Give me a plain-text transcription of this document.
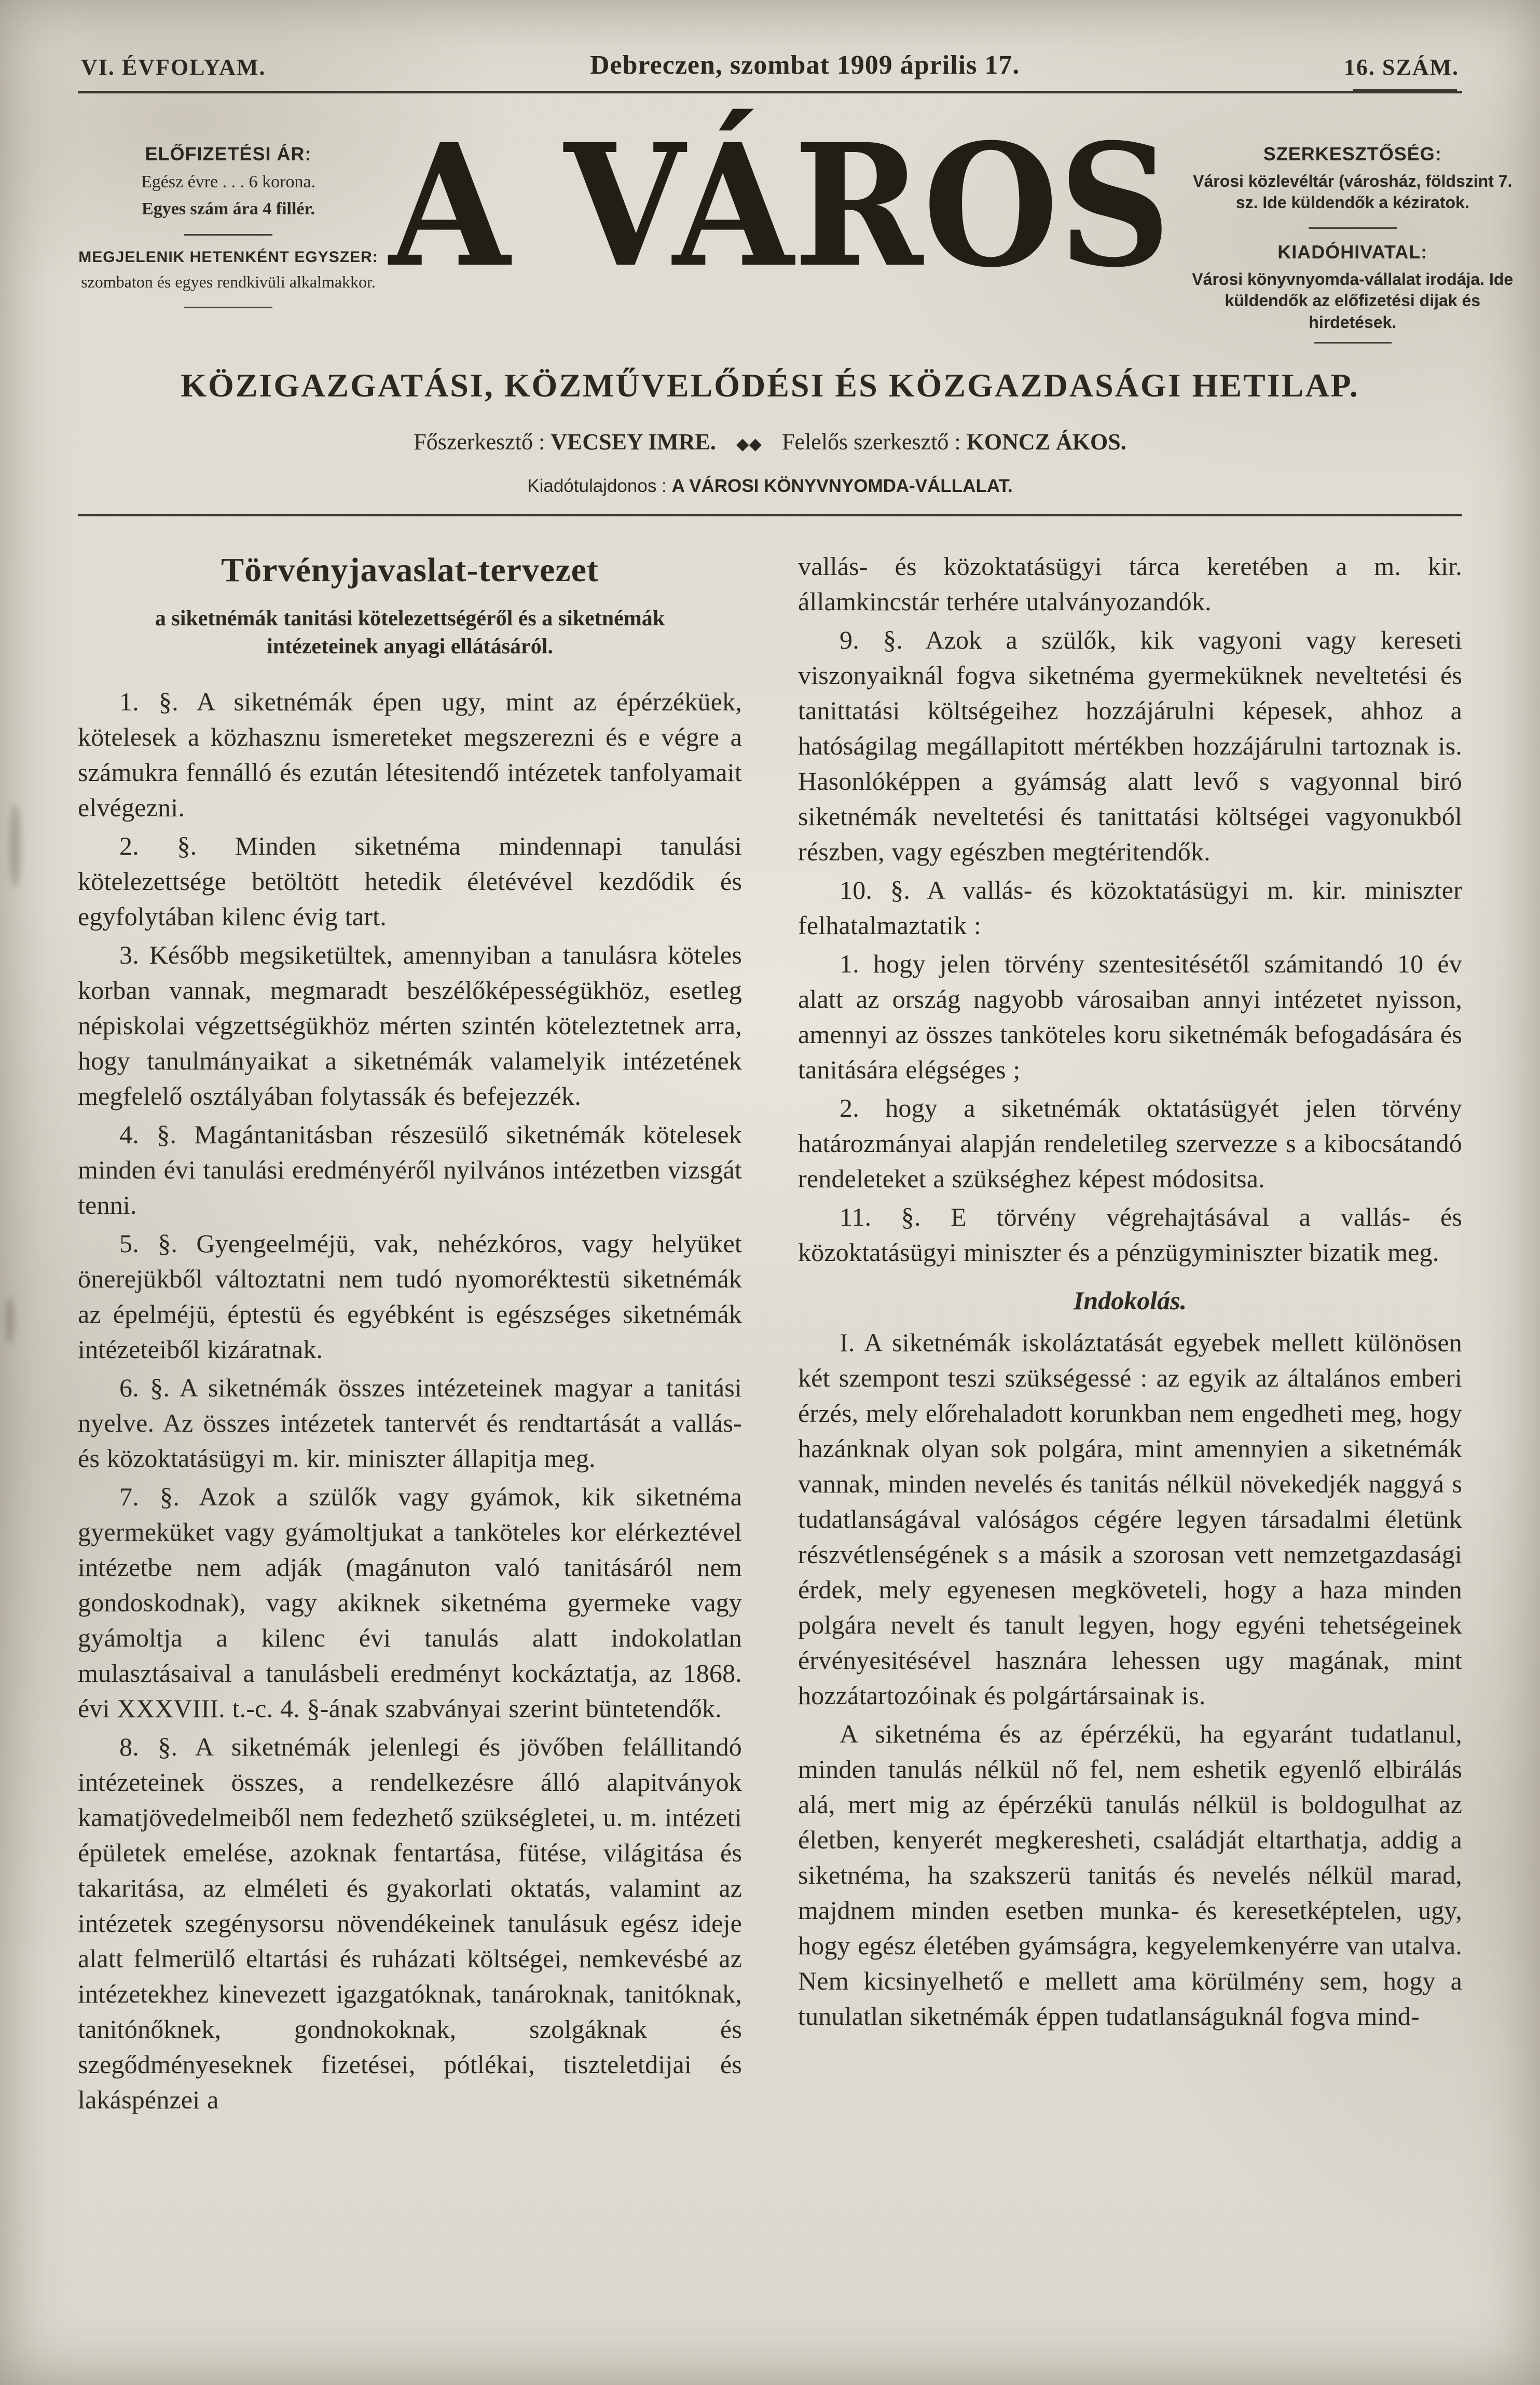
VI. ÉVFOLYAM.	Debreczen, szombat 1909 április 17.	16. SZÁM.
ELŐFIZETÉSI ÁR:
Egész évre . . . 6 korona.
Egyes szám ára 4 fillér.
MEGJELENIK HETENKÉNT EGYSZER:
szombaton és egyes rendkivüli alkalmakkor. A VÁROS	SZERKESZTŐSÉG:
Városi közlevéltár (városház, földszint 7. sz. Ide küldendők a kéziratok.
KIADÓHIVATAL:
Városi könyvnyomda-vállalat irodája. Ide küldendők az előfizetési dijak és hirdetések.
KÖZIGAZGATÁSI, KÖZMŰVELŐDÉSI ÉS KÖZGAZDASÁGI HETILAP.
Főszerkesztő : VECSEY IMRE. ◆◆ Felelős szerkesztő : KONCZ ÁKOS.
Kiadótulajdonos : A VÁROSI KÖNYVNYOMDA-VÁLLALAT.
Törvényjavaslat-tervezet
a siketnémák tanitási kötelezettségéről és a siketnémák intézeteinek anyagi ellátásáról.

1. §. A siketnémák épen ugy, mint az épérzéküek, kötelesek a közhasznu ismereteket megszerezni és e végre a számukra fennálló és ezután létesitendő intézetek tanfolyamait elvégezni.

2. §. Minden siketnéma mindennapi tanulási kötelezettsége betöltött hetedik életévével kezdődik és egyfolytában kilenc évig tart.

3. Később megsiketültek, amennyiban a tanulásra köteles korban vannak, megmaradt beszélőképességükhöz, esetleg népiskolai végzettségükhöz mérten szintén köteleztetnek arra, hogy tanulmányaikat a siketnémák valamelyik intézetének megfelelő osztályában folytassák és befejezzék.

4. §. Magántanitásban részesülő siketnémák kötelesek minden évi tanulási eredményéről nyilvános intézetben vizsgát tenni.

5. §. Gyengeelméjü, vak, nehézkóros, vagy helyüket önerejükből változtatni nem tudó nyomoréktestü siketnémák az épelméjü, éptestü és egyébként is egészséges siketnémák intézeteiből kizáratnak.

6. §. A siketnémák összes intézeteinek magyar a tanitási nyelve. Az összes intézetek tantervét és rendtartását a vallás- és közoktatásügyi m. kir. miniszter állapitja meg.

7. §. Azok a szülők vagy gyámok, kik siketnéma gyermeküket vagy gyámoltjukat a tanköteles kor elérkeztével intézetbe nem adják (magánuton való tanitásáról nem gondoskodnak), vagy akiknek siketnéma gyermeke vagy gyámoltja a kilenc évi tanulás alatt indokolatlan mulasztásaival a tanulásbeli eredményt kockáztatja, az 1868. évi XXXVIII. t.-c. 4. §-ának szabványai szerint büntetendők.

8. §. A siketnémák jelenlegi és jövőben felállitandó intézeteinek összes, a rendelkezésre álló alapitványok kamatjövedelmeiből nem fedezhető szükségletei, u. m. intézeti épületek emelése, azoknak fentartása, fütése, világitása és takaritása, az elméleti és gyakorlati oktatás, valamint az intézetek szegénysorsu növendékeinek tanulásuk egész ideje alatt felmerülő eltartási és ruházati költségei, nemkevésbé az intézetekhez kinevezett igazgatóknak, tanároknak, tanitóknak, tanitónőknek, gondnokoknak, szolgáknak és szegődményeseknek fizetései, pótlékai, tiszteletdijai és lakáspénzei a

vallás- és közoktatásügyi tárca keretében a m. kir. államkincstár terhére utalványozandók.

9. §. Azok a szülők, kik vagyoni vagy kereseti viszonyaiknál fogva siketnéma gyermeküknek neveltetési és tanittatási költségeihez hozzájárulni képesek, ahhoz a hatóságilag megállapitott mértékben hozzájárulni tartoznak is. Hasonlóképpen a gyámság alatt levő s vagyonnal biró siketnémák neveltetési és tanittatási költségei vagyonukból részben, vagy egészben megtéritendők.

10. §. A vallás- és közoktatásügyi m. kir. miniszter felhatalmaztatik :

1. hogy jelen törvény szentesitésétől számitandó 10 év alatt az ország nagyobb városaiban annyi intézetet nyisson, amennyi az összes tanköteles koru siketnémák befogadására és tanitására elégséges ;

2. hogy a siketnémák oktatásügyét jelen törvény határozmányai alapján rendeletileg szervezze s a kibocsátandó rendeleteket a szükséghez képest módositsa.

11. §. E törvény végrehajtásával a vallás- és közoktatásügyi miniszter és a pénzügyminiszter bizatik meg.

Indokolás.

I. A siketnémák iskoláztatását egyebek mellett különösen két szempont teszi szükségessé : az egyik az általános emberi érzés, mely előrehaladott korunkban nem engedheti meg, hogy hazánknak olyan sok polgára, mint amennyien a siketnémák vannak, minden nevelés és tanitás nélkül növekedjék naggyá s tudatlanságával valóságos cégére legyen társadalmi életünk részvétlenségének s a másik a szorosan vett nemzetgazdasági érdek, mely egyenesen megköveteli, hogy a haza minden polgára nevelt és tanult legyen, hogy egyéni tehetségeinek érvényesitésével hasznára lehessen ugy magának, mint hozzátartozóinak és polgártársainak is.

A siketnéma és az épérzékü, ha egyaránt tudatlanul, minden tanulás nélkül nő fel, nem eshetik egyenlő elbirálás alá, mert mig az épérzékü tanulás nélkül is boldogulhat az életben, kenyerét megkeresheti, családját eltarthatja, addig a siketnéma, ha szakszerü tanitás és nevelés nélkül marad, majdnem minden esetben munka- és keresetképtelen, ugy, hogy egész életében gyámságra, kegyelemkenyérre van utalva. Nem kicsinyelhető e mellett ama körülmény sem, hogy a tunulatlan siketnémák éppen tudatlanságuknál fogva mind-
